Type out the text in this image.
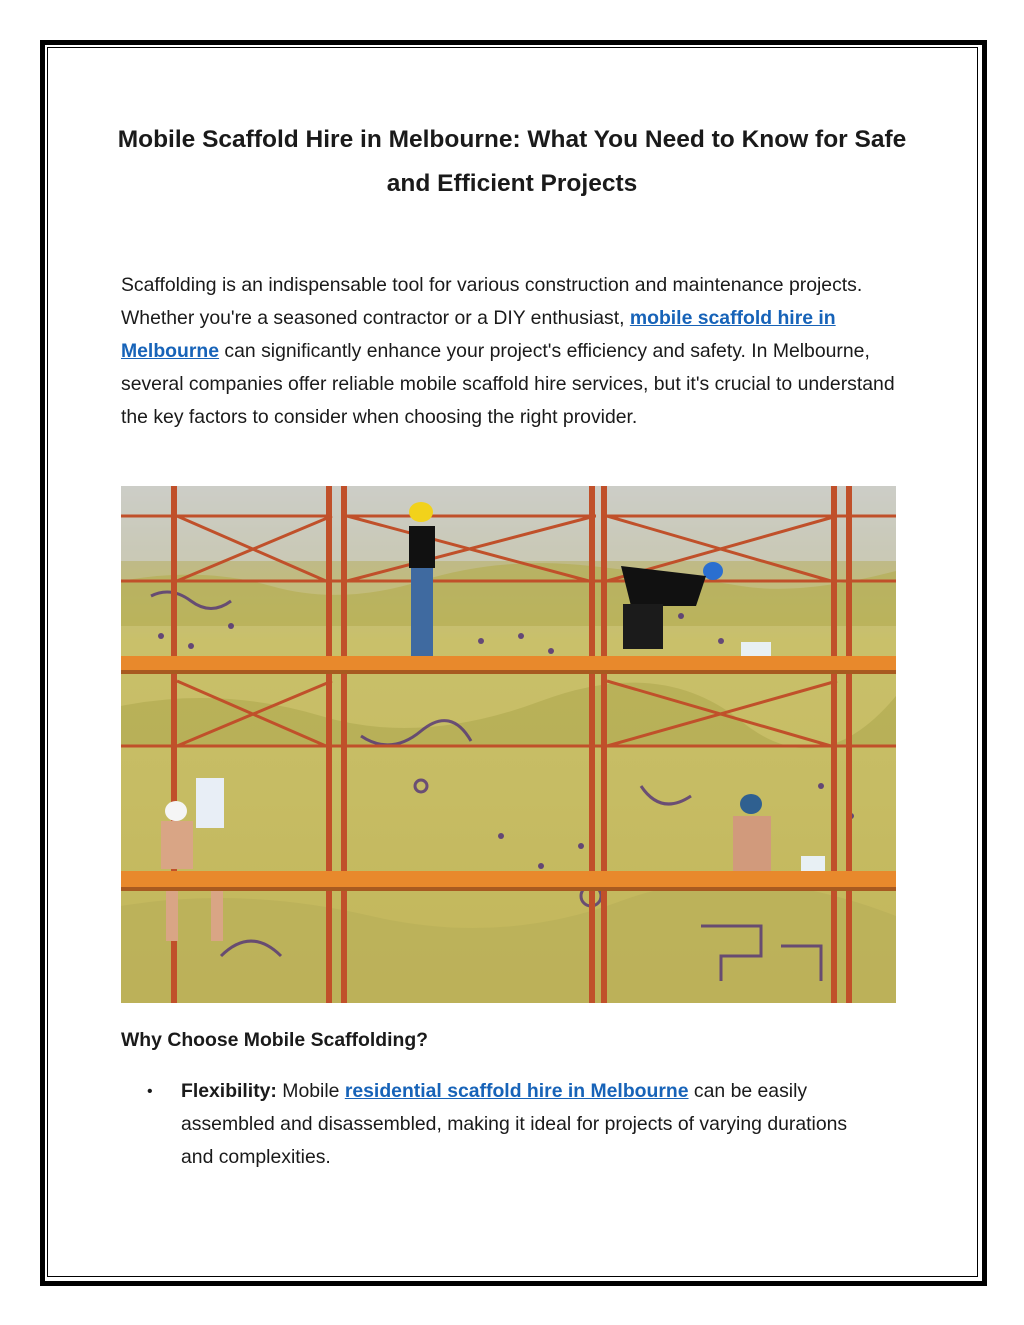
Mobile Scaffold Hire in Melbourne: What You Need to Know for Safe and Efficient Projects

Scaffolding is an indispensable tool for various construction and maintenance projects. Whether you're a seasoned contractor or a DIY enthusiast, mobile scaffold hire in Melbourne can significantly enhance your project's efficiency and safety. In Melbourne, several companies offer reliable mobile scaffold hire services, but it's crucial to understand the key factors to consider when choosing the right provider.

Why Choose Mobile Scaffolding?
• Flexibility: Mobile residential scaffold hire in Melbourne can be easily assembled and disassembled, making it ideal for projects of varying durations and complexities.
